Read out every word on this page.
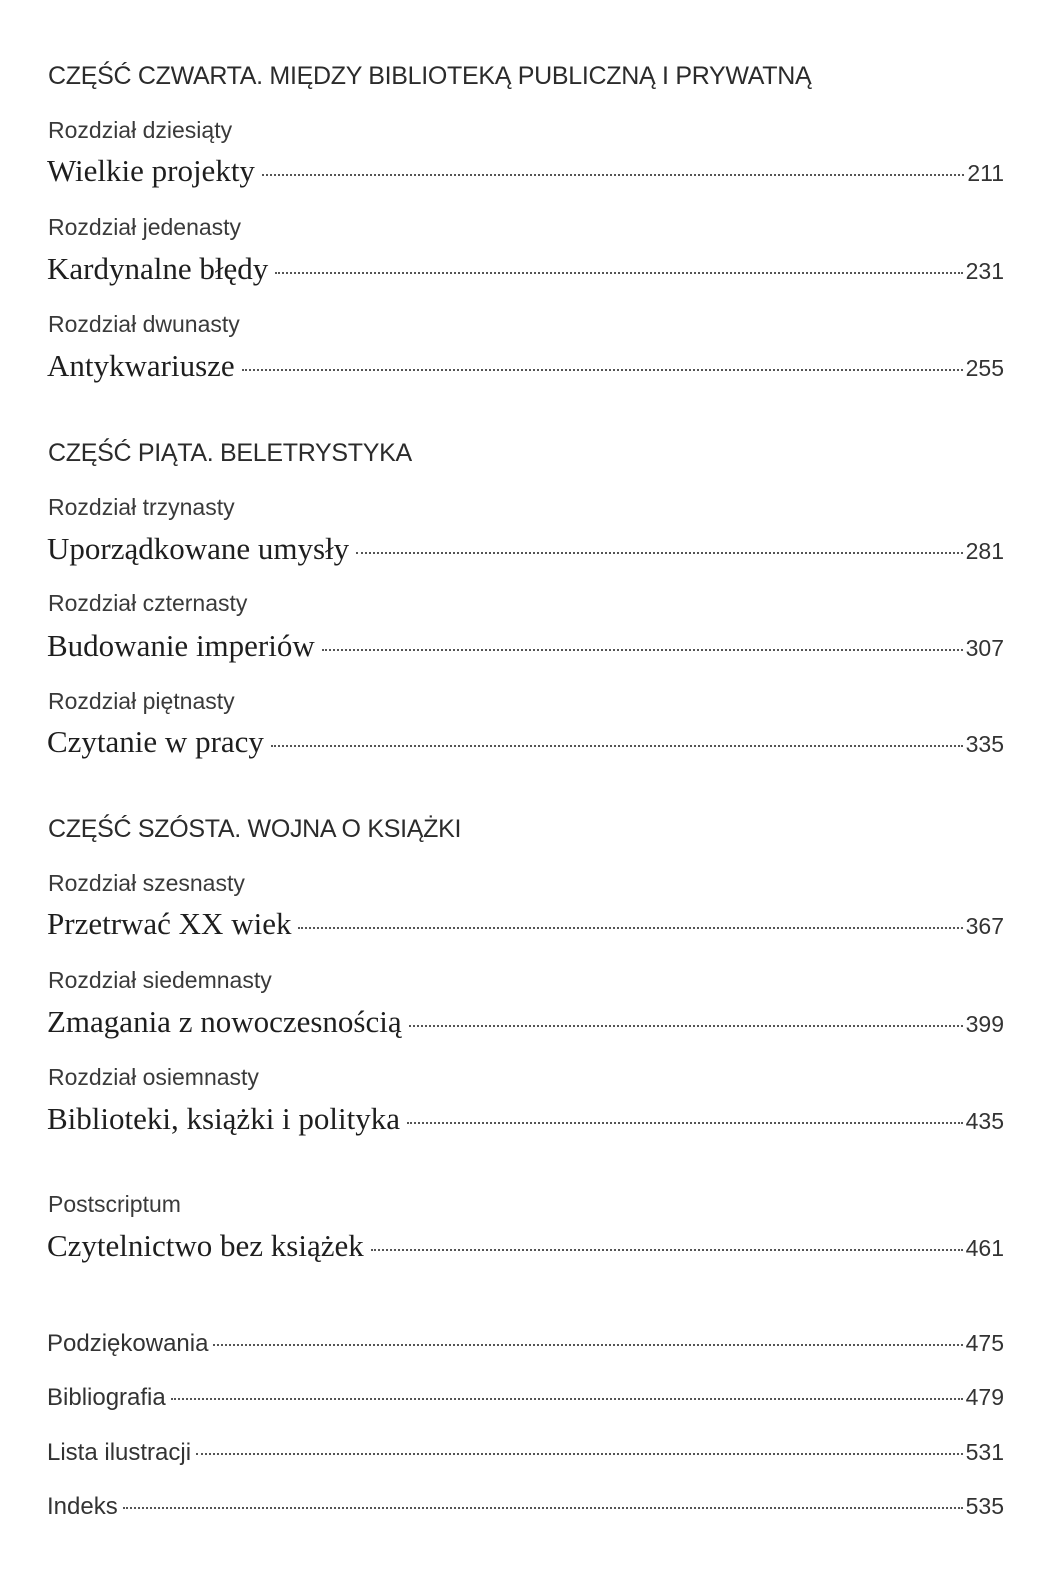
CZĘŚĆ CZWARTA. MIĘDZY BIBLIOTEKĄ PUBLICZNĄ I PRYWATNĄ
Rozdział dziesiąty
Wielkie projekty	211
Rozdział jedenasty
Kardynalne błędy	231
Rozdział dwunasty
Antykwariusze	255
CZĘŚĆ PIĄTA. BELETRYSTYKA
Rozdział trzynasty
Uporządkowane umysły	281
Rozdział czternasty
Budowanie imperiów	307
Rozdział piętnasty
Czytanie w pracy	335
CZĘŚĆ SZÓSTA. WOJNA O KSIĄŻKI
Rozdział szesnasty
Przetrwać XX wiek	367
Rozdział siedemnasty
Zmagania z nowoczesnością	399
Rozdział osiemnasty
Biblioteki, książki i polityka	435
Postscriptum
Czytelnictwo bez książek	461
Podziękowania	475
Bibliografia	479
Lista ilustracji	531
Indeks	535
